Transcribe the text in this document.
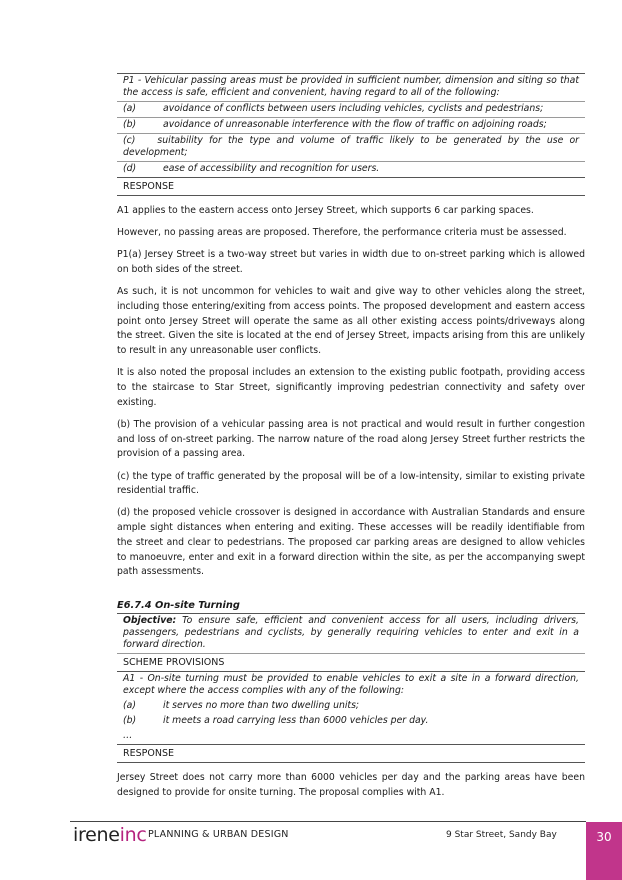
P1 - Vehicular passing areas must be provided in sufficient number, dimension and siting so that the access is safe, efficient and convenient, having regard to all of the following:
(a)	avoidance of conflicts between users including vehicles, cyclists and pedestrians;
(b)	avoidance of unreasonable interference with the flow of traffic on adjoining roads;
(c) suitability for the type and volume of traffic likely to be generated by the use or development;
(d)	ease of accessibility and recognition for users.
RESPONSE

A1 applies to the eastern access onto Jersey Street, which supports 6 car parking spaces.

However, no passing areas are proposed. Therefore, the performance criteria must be assessed.

P1(a) Jersey Street is a two-way street but varies in width due to on-street parking which is allowed on both sides of the street.

As such, it is not uncommon for vehicles to wait and give way to other vehicles along the street, including those entering/exiting from access points. The proposed development and eastern access point onto Jersey Street will operate the same as all other existing access points/driveways along the street. Given the site is located at the end of Jersey Street, impacts arising from this are unlikely to result in any unreasonable user conflicts.

It is also noted the proposal includes an extension to the existing public footpath, providing access to the staircase to Star Street, significantly improving pedestrian connectivity and safety over existing.

(b) The provision of a vehicular passing area is not practical and would result in further congestion and loss of on-street parking. The narrow nature of the road along Jersey Street further restricts the provision of a passing area.

(c) the type of traffic generated by the proposal will be of a low-intensity, similar to existing private residential traffic.

(d) the proposed vehicle crossover is designed in accordance with Australian Standards and ensure ample sight distances when entering and exiting. These accesses will be readily identifiable from the street and clear to pedestrians. The proposed car parking areas are designed to allow vehicles to manoeuvre, enter and exit in a forward direction within the site, as per the accompanying swept path assessments.

E6.7.4 On-site Turning
Objective: To ensure safe, efficient and convenient access for all users, including drivers, passengers, pedestrians and cyclists, by generally requiring vehicles to enter and exit in a forward direction.
SCHEME PROVISIONS
A1 - On-site turning must be provided to enable vehicles to exit a site in a forward direction, except where the access complies with any of the following:
(a)	it serves no more than two dwelling units;
(b)	it meets a road carrying less than 6000 vehicles per day.
…
RESPONSE

Jersey Street does not carry more than 6000 vehicles per day and the parking areas have been designed to provide for onsite turning. The proposal complies with A1.

ireneinc PLANNING & URBAN DESIGN	9 Star Street, Sandy Bay	30
